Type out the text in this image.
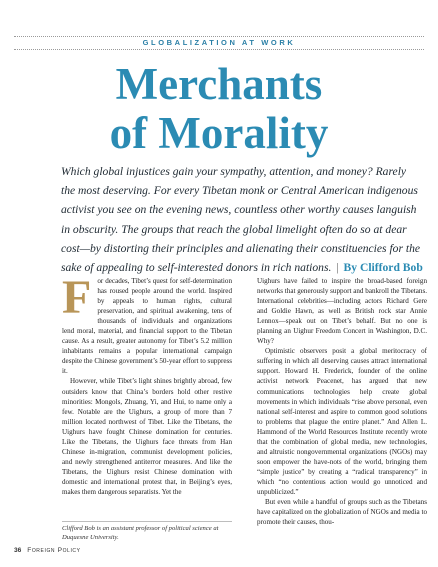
GLOBALIZATION AT WORK
Merchants
of Morality
Which global injustices gain your sympathy, attention, and money? Rarely the most deserving. For every Tibetan monk or Central American indigenous activist you see on the evening news, countless other worthy causes languish in obscurity. The groups that reach the global limelight often do so at dear cost—by distorting their principles and alienating their constituencies for the sake of appealing to self-interested donors in rich nations. | By Clifford Bob

For decades, Tibet’s quest for self-determination has roused people around the world. Inspired by appeals to human rights, cultural preservation, and spiritual awakening, tens of thousands of individuals and organizations lend moral, material, and financial support to the Tibetan cause. As a result, greater autonomy for Tibet’s 5.2 million inhabitants remains a popular international campaign despite the Chinese government’s 50-year effort to suppress it.

However, while Tibet’s light shines brightly abroad, few outsiders know that China’s borders hold other restive minorities: Mongols, Zhuang, Yi, and Hui, to name only a few. Notable are the Uighurs, a group of more than 7 million located northwest of Tibet. Like the Tibetans, the Uighurs have fought Chinese domination for centuries. Like the Tibetans, the Uighurs face threats from Han Chinese in-migration, communist development policies, and newly strengthened antiterror measures. And like the Tibetans, the Uighurs resist Chinese domination with domestic and international protest that, in Beijing’s eyes, makes them dangerous separatists. Yet the

Uighurs have failed to inspire the broad-based foreign networks that generously support and bankroll the Tibetans. International celebrities—including actors Richard Gere and Goldie Hawn, as well as British rock star Annie Lennox—speak out on Tibet’s behalf. But no one is planning an Uighur Freedom Concert in Washington, D.C. Why?

Optimistic observers posit a global meritocracy of suffering in which all deserving causes attract international support. Howard H. Frederick, founder of the online activist network Peacenet, has argued that new communications technologies help create global movements in which individuals “rise above personal, even national self-interest and aspire to common good solutions to problems that plague the entire planet.” And Allen L. Hammond of the World Resources Institute recently wrote that the combination of global media, new technologies, and altruistic nongovernmental organizations (NGOs) may soon empower the have-nots of the world, bringing them “simple justice” by creating a “radical transparency” in which “no contentious action would go unnoticed and unpublicized.”

But even while a handful of groups such as the Tibetans have capitalized on the globalization of NGOs and media to promote their causes, thou-

Clifford Bob is an assistant professor of political science at Duquesne University.
36 Foreign Policy
